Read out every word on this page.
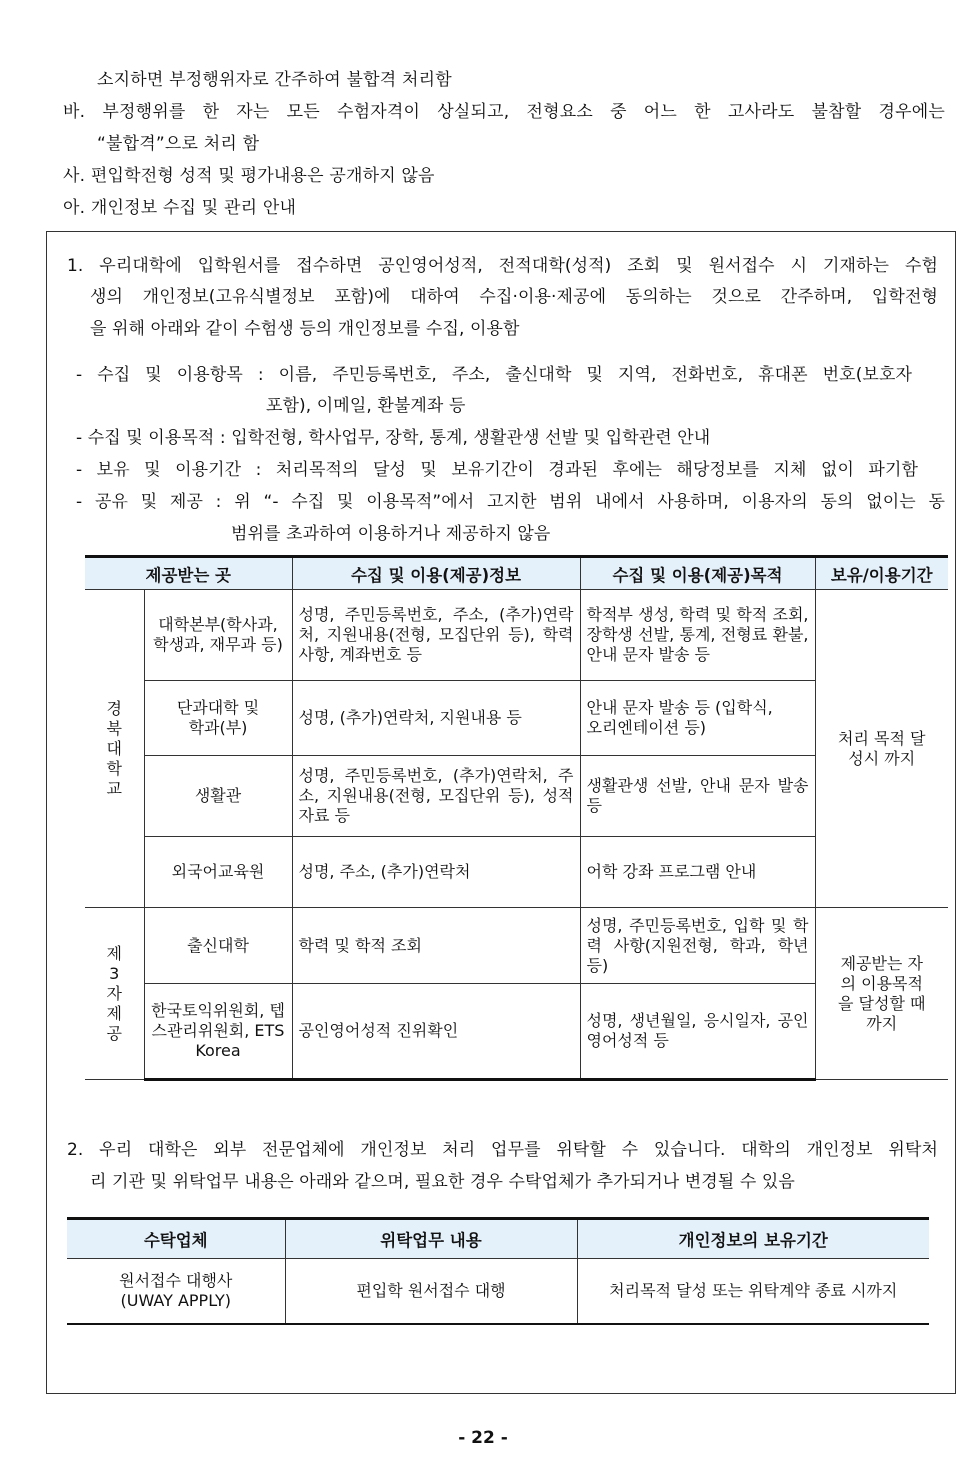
소지하면 부정행위자로 간주하여 불합격 처리함
바. 부정행위를 한 자는 모든 수험자격이 상실되고, 전형요소 중 어느 한 고사라도 불참할 경우에는
“불합격”으로 처리 함
사. 편입학전형 성적 및 평가내용은 공개하지 않음
아. 개인정보 수집 및 관리 안내
1. 우리대학에 입학원서를 접수하면 공인영어성적, 전적대학(성적) 조회 및 원서접수 시 기재하는 수험
생의 개인정보(고유식별정보 포함)에 대하여 수집·이용·제공에 동의하는 것으로 간주하며, 입학전형
을 위해 아래와 같이 수험생 등의 개인정보를 수집, 이용함
- 수집 및 이용항목 : 이름, 주민등록번호, 주소, 출신대학 및 지역, 전화번호, 휴대폰 번호(보호자
포함), 이메일, 환불계좌 등
- 수집 및 이용목적 : 입학전형, 학사업무, 장학, 통계, 생활관생 선발 및 입학관련 안내
- 보유 및 이용기간 : 처리목적의 달성 및 보유기간이 경과된 후에는 해당정보를 지체 없이 파기함
- 공유 및 제공 : 위 “- 수집 및 이용목적”에서 고지한 범위 내에서 사용하며, 이용자의 동의 없이는 동
범위를 초과하여 이용하거나 제공하지 않음
제공받는 곳		수집 및 이용(제공)정보	수집 및 이용(제공)목적	보유/이용기간

경북대학교	대학본부(학사과, 학생과, 재무과 등)	성명, 주민등록번호, 주소, (추가)연락처, 지원내용(전형, 모집단위 등), 학력사항, 계좌번호 등	학적부 생성, 학력 및 학적 조회, 장학생 선발, 통계, 전형료 환불, 안내 문자 발송 등	처리 목적 달성시 까지

	단과대학 및 학과(부)	성명, (추가)연락처, 지원내용 등	안내 문자 발송 등 (입학식, 오리엔테이션 등)	

	생활관	성명, 주민등록번호, (추가)연락처, 주소, 지원내용(전형, 모집단위 등), 성적 자료 등	생활관생 선발, 안내 문자 발송 등	
	외국어교육원	성명, 주소, (추가)연락처	어학 강좌 프로그램 안내	

제3자제공	출신대학	학력 및 학적 조회	성명, 주민등록번호, 입학 및 학력 사항(지원전형, 학과, 학년 등)	제공받는 자의 이용목적을 달성할 때까지

	한국토익위원회, 텝스관리위원회, ETS Korea	공인영어성적 진위확인	성명, 생년월일, 응시일자, 공인영어성적 등	
2. 우리 대학은 외부 전문업체에 개인정보 처리 업무를 위탁할 수 있습니다. 대학의 개인정보 위탁처
리 기관 및 위탁업무 내용은 아래와 같으며, 필요한 경우 수탁업체가 추가되거나 변경될 수 있음
수탁업체	위탁업무 내용	개인정보의 보유기간

원서접수 대행사 (UWAY APPLY)	편입학 원서접수 대행	처리목적 달성 또는 위탁계약 종료 시까지
- 22 -
